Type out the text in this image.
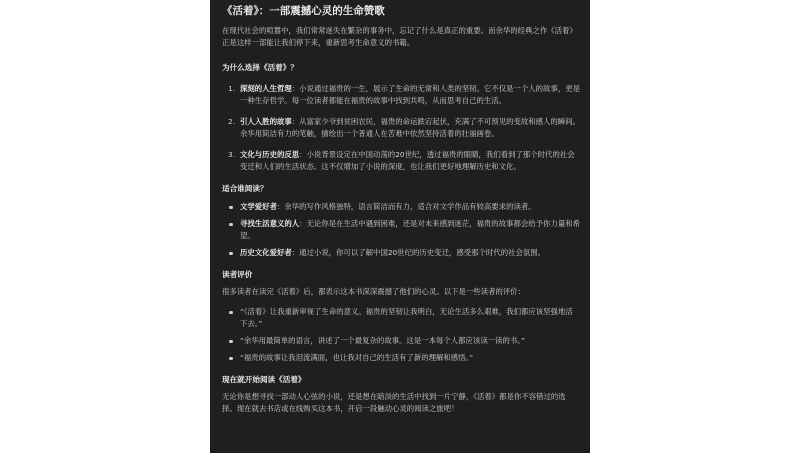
《活着》：一部震撼心灵的生命赞歌

在现代社会的喧嚣中，我们常常迷失在繁杂的事务中，忘记了什么是真正的重要。而余华的经典之作《活着》正是这样一部能让我们停下来，重新思考生命意义的书籍。

为什么选择《活着》？
1. 深刻的人生哲理：小说通过福贵的一生，展示了生命的无常和人类的坚韧。它不仅是一个人的故事，更是一种生存哲学。每一位读者都能在福贵的故事中找到共鸣，从而思考自己的生活。
2. 引人入胜的故事：从富家少爷到贫困农民，福贵的命运跌宕起伏，充满了不可预见的变故和感人的瞬间。余华用简洁有力的笔触，描绘出一个普通人在苦难中依然坚持活着的壮丽画卷。
3. 文化与历史的反思：小说背景设定在中国动荡的20世纪，透过福贵的眼睛，我们看到了那个时代的社会变迁和人们的生活状态。这不仅增加了小说的深度，也让我们更好地理解历史和文化。
适合谁阅读？
文学爱好者：余华的写作风格独特，语言简洁而有力，适合对文学作品有较高要求的读者。
寻找生活意义的人：无论你是在生活中遇到困难，还是对未来感到迷茫，福贵的故事都会给予你力量和希望。
历史文化爱好者：通过小说，你可以了解中国20世纪的历史变迁，感受那个时代的社会氛围。
读者评价

很多读者在读完《活着》后，都表示这本书深深震撼了他们的心灵。以下是一些读者的评价：

“《活着》让我重新审视了生命的意义。福贵的坚韧让我明白，无论生活多么艰难，我们都应该坚强地活下去。”
“余华用最简单的语言，讲述了一个最复杂的故事。这是一本每个人都应该读一读的书。”
“福贵的故事让我泪流满面，也让我对自己的生活有了新的理解和感悟。”
现在就开始阅读《活着》

无论你是想寻找一部动人心弦的小说，还是想在暗淡的生活中找到一片宁静，《活着》都是你不容错过的选择。现在就去书店或在线购买这本书，开启一段触动心灵的阅读之旅吧！
